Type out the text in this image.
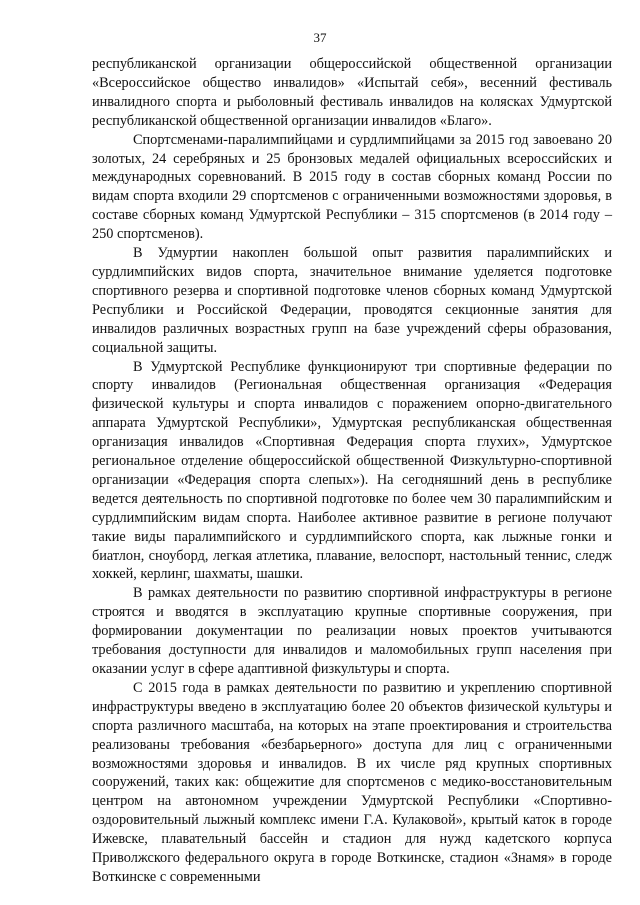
37

республиканской организации общероссийской общественной организации «Всероссийское общество инвалидов» «Испытай себя», весенний фестиваль инвалидного спорта и рыболовный фестиваль инвалидов на колясках Удмуртской республиканской общественной организации инвалидов «Благо».

Спортсменами-паралимпийцами и сурдлимпийцами за 2015 год завоевано 20 золотых, 24 серебряных и 25 бронзовых медалей официальных всероссийских и международных соревнований. В 2015 году в состав сборных команд России по видам спорта входили 29 спортсменов с ограниченными возможностями здоровья, в составе сборных команд Удмуртской Республики – 315 спортсменов (в 2014 году – 250 спортсменов).

В Удмуртии накоплен большой опыт развития паралимпийских и сурдлимпийских видов спорта, значительное внимание уделяется подготовке спортивного резерва и спортивной подготовке членов сборных команд Удмуртской Республики и Российской Федерации, проводятся секционные занятия для инвалидов различных возрастных групп на базе учреждений сферы образования, социальной защиты.

В Удмуртской Республике функционируют три спортивные федерации по спорту инвалидов (Региональная общественная организация «Федерация физической культуры и спорта инвалидов с поражением опорно-двигательного аппарата Удмуртской Республики», Удмуртская республиканская общественная организация инвалидов «Спортивная Федерация спорта глухих», Удмуртское региональное отделение общероссийской общественной Физкультурно-спортивной организации «Федерация спорта слепых»). На сегодняшний день в республике ведется деятельность по спортивной подготовке по более чем 30 паралимпийским и сурдлимпийским видам спорта. Наиболее активное развитие в регионе получают такие виды паралимпийского и сурдлимпийского спорта, как лыжные гонки и биатлон, сноуборд, легкая атлетика, плавание, велоспорт, настольный теннис, следж хоккей, керлинг, шахматы, шашки.

В рамках деятельности по развитию спортивной инфраструктуры в регионе строятся и вводятся в эксплуатацию крупные спортивные сооружения, при формировании документации по реализации новых проектов учитываются требования доступности для инвалидов и маломобильных групп населения при оказании услуг в сфере адаптивной физкультуры и спорта.

С 2015 года в рамках деятельности по развитию и укреплению спортивной инфраструктуры введено в эксплуатацию более 20 объектов физической культуры и спорта различного масштаба, на которых на этапе проектирования и строительства реализованы требования «безбарьерного» доступа для лиц с ограниченными возможностями здоровья и инвалидов. В их числе ряд крупных спортивных сооружений, таких как: общежитие для спортсменов с медико-восстановительным центром на автономном учреждении Удмуртской Республики «Спортивно-оздоровительный лыжный комплекс имени Г.А. Кулаковой», крытый каток в городе Ижевске, плавательный бассейн и стадион для нужд кадетского корпуса Приволжского федерального округа в городе Воткинске, стадион «Знамя» в городе Воткинске с современными
